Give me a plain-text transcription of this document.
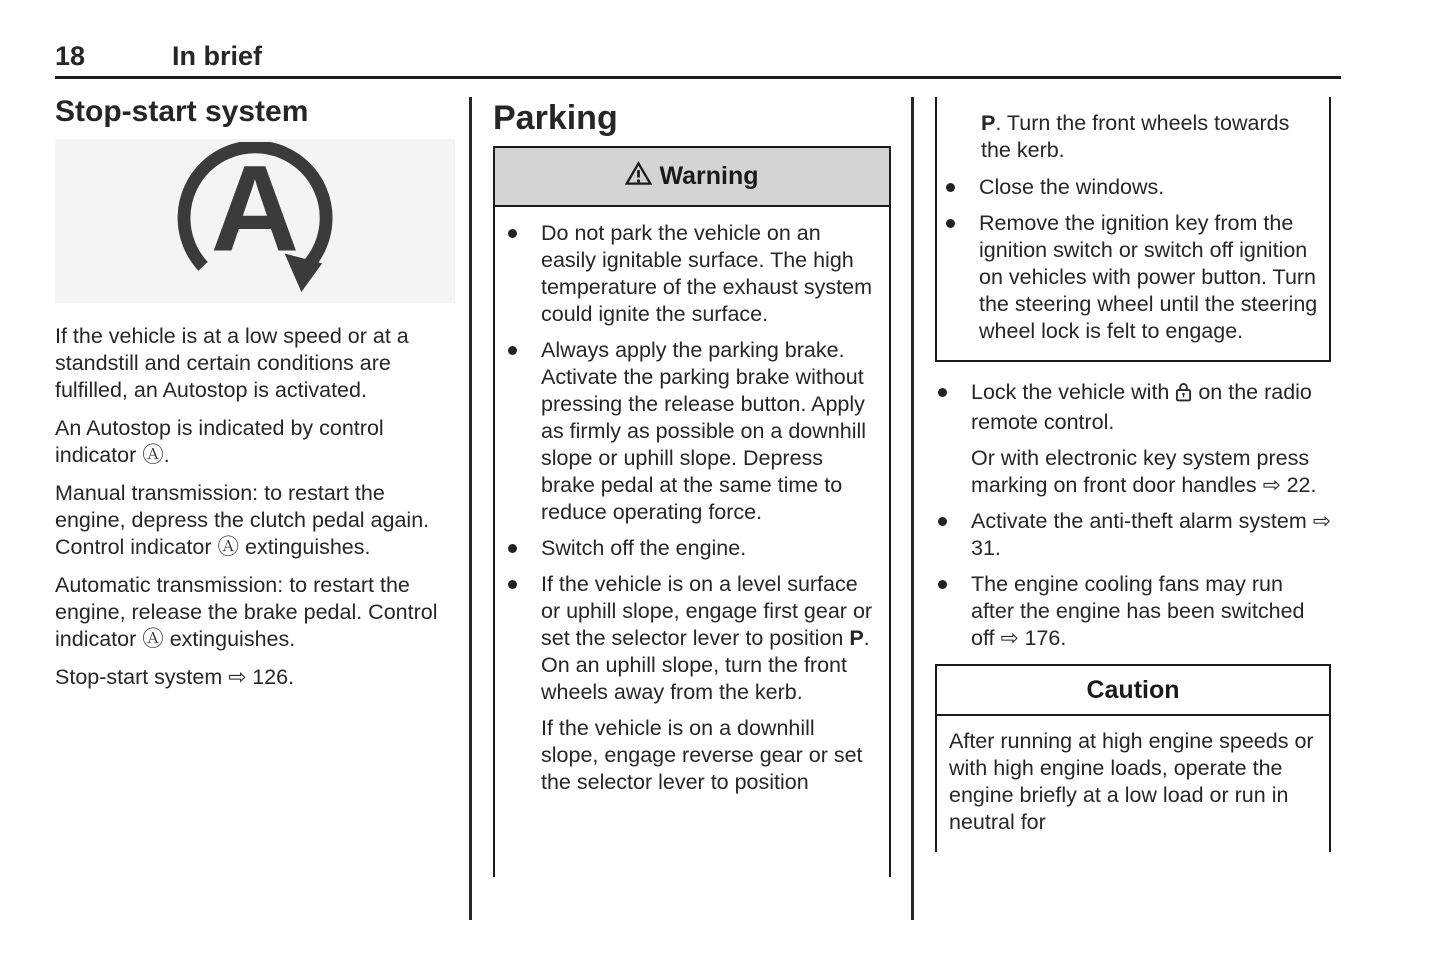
18	In brief
Stop-start system
A

If the vehicle is at a low speed or at a standstill and certain conditions are fulfilled, an Autostop is activated.

An Autostop is indicated by control indicator Ⓐ.

Manual transmission: to restart the engine, depress the clutch pedal again. Control indicator Ⓐ extinguishes.

Automatic transmission: to restart the engine, release the brake pedal. Control indicator Ⓐ extinguishes.

Stop-start system ⇨ 126.

Parking
Warning
Do not park the vehicle on an easily ignitable surface. The high temperature of the exhaust system could ignite the surface.
Always apply the parking brake. Activate the parking brake without pressing the release button. Apply as firmly as possible on a downhill slope or uphill slope. Depress brake pedal at the same time to reduce operating force.
Switch off the engine.
If the vehicle is on a level surface or uphill slope, engage first gear or set the selector lever to position P. On an uphill slope, turn the front wheels away from the kerb.
If the vehicle is on a downhill slope, engage reverse gear or set the selector lever to position
P. Turn the front wheels towards the kerb.
Close the windows.
Remove the ignition key from the ignition switch or switch off ignition on vehicles with power button. Turn the steering wheel until the steering wheel lock is felt to engage.
Lock the vehicle with  on the radio remote control.
Or with electronic key system press marking on front door handles ⇨ 22.
Activate the anti-theft alarm system ⇨ 31.
The engine cooling fans may run after the engine has been switched off ⇨ 176.
Caution
After running at high engine speeds or with high engine loads, operate the engine briefly at a low load or run in neutral for
